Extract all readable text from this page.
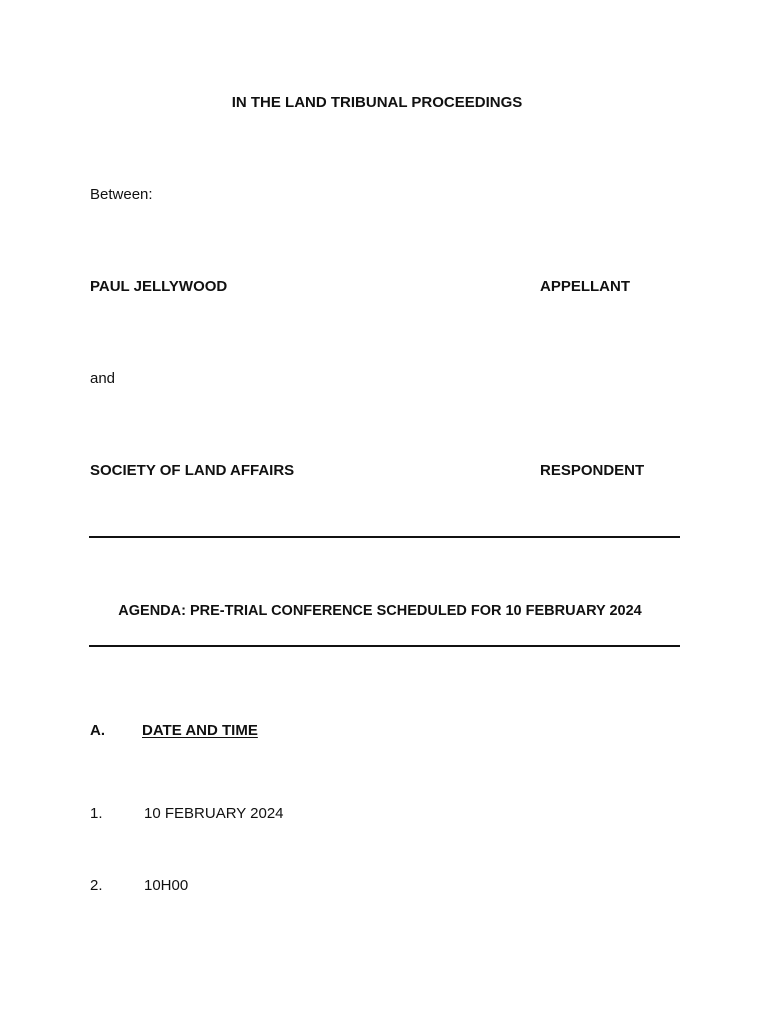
IN THE LAND TRIBUNAL PROCEEDINGS
Between:
PAUL JELLYWOOD	APPELLANT
and
SOCIETY OF LAND AFFAIRS	RESPONDENT
AGENDA: PRE-TRIAL CONFERENCE SCHEDULED FOR 10 FEBRUARY 2024
A. DATE AND TIME
1.	10 FEBRUARY 2024
2.	10H00
